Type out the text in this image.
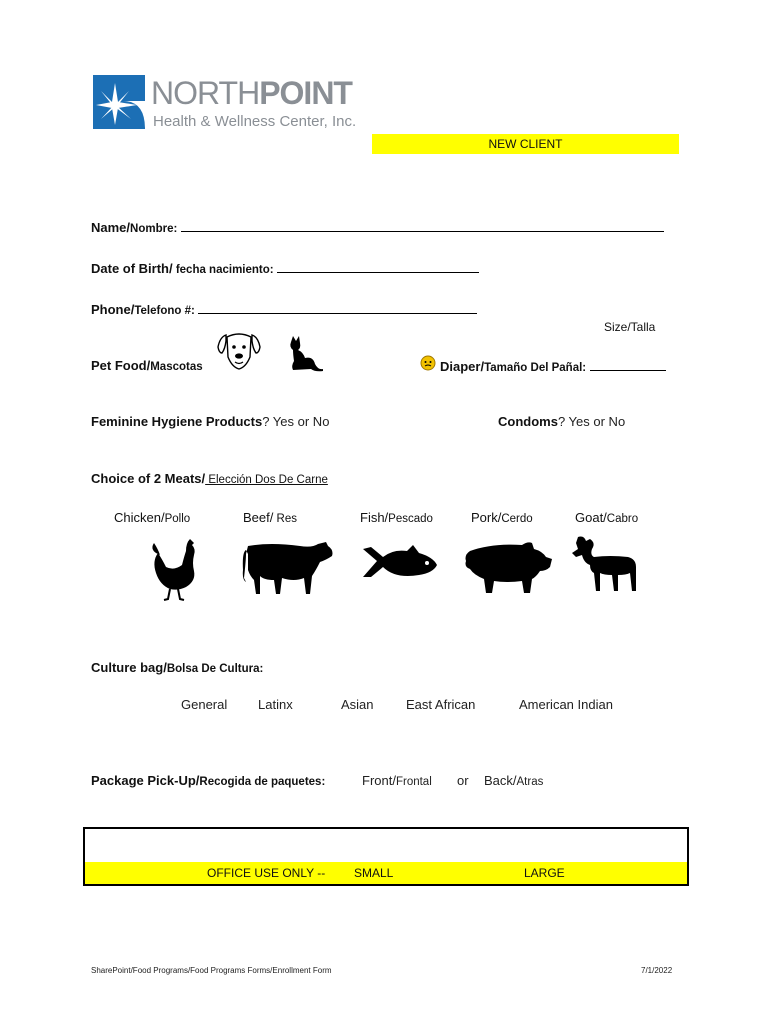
NORTHPOINT
Health & Wellness Center, Inc.
NEW CLIENT
Name/Nombre:
Date of Birth/ fecha nacimiento:
Phone/Telefono #:
Size/Talla
Pet Food/Mascotas	Diaper/Tamaño Del Pañal:
Feminine Hygiene Products? Yes or No	Condoms? Yes or No
Choice of 2 Meats/ Elección Dos De Carne
Chicken/Pollo	Beef/ Res	Fish/Pescado	Pork/Cerdo	Goat/Cabro
Culture bag/Bolsa De Cultura:
General Latinx	Asian East African	American Indian
Package Pick-Up/Recogida de paquetes:	Front/Frontal or Back/Atras
OFFICE USE ONLY -- SMALL	LARGE
SharePoint/Food Programs/Food Programs Forms/Enrollment Form	7/1/2022
